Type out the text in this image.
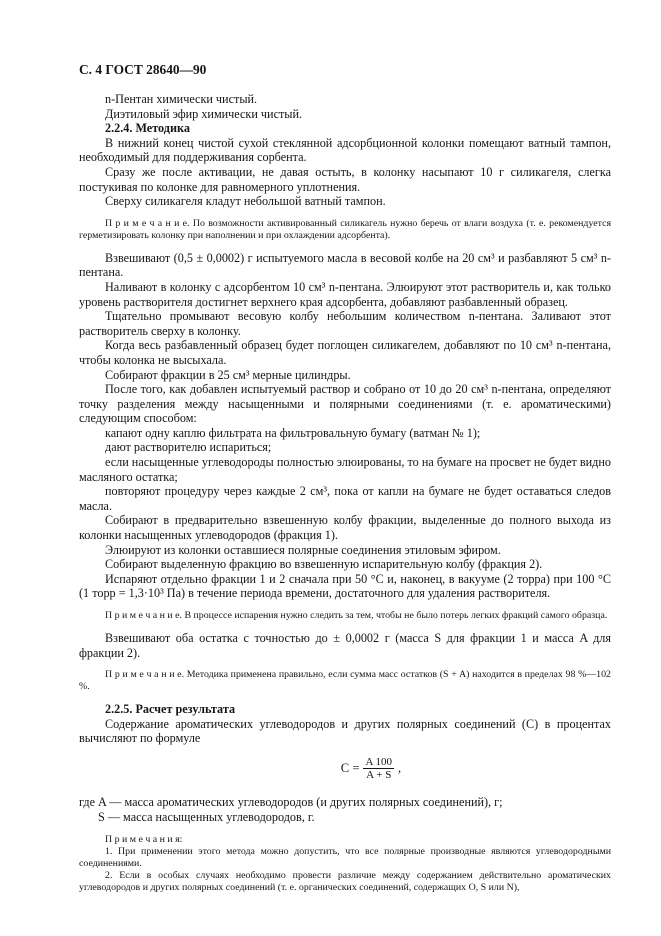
С. 4 ГОСТ 28640—90

n-Пентан химически чистый.

Диэтиловый эфир химически чистый.

2.2.4. Методика

В нижний конец чистой сухой стеклянной адсорбционной колонки помещают ватный тампон, необходимый для поддерживания сорбента.

Сразу же после активации, не давая остыть, в колонку насыпают 10 г силикагеля, слегка постукивая по колонке для равномерного уплотнения.

Сверху силикагеля кладут небольшой ватный тампон.

П р и м е ч а н и е. По возможности активированный силикагель нужно беречь от влаги воздуха (т. е. рекомендуется герметизировать колонку при наполнении и при охлаждении адсорбента).

Взвешивают (0,5 ± 0,0002) г испытуемого масла в весовой колбе на 20 см³ и разбавляют 5 см³ n-пентана.

Наливают в колонку с адсорбентом 10 см³ n-пентана. Элюируют этот растворитель и, как только уровень растворителя достигнет верхнего края адсорбента, добавляют разбавленный образец.

Тщательно промывают весовую колбу небольшим количеством n-пентана. Заливают этот растворитель сверху в колонку.

Когда весь разбавленный образец будет поглощен силикагелем, добавляют по 10 см³ n-пентана, чтобы колонка не высыхала.

Собирают фракции в 25 см³ мерные цилиндры.

После того, как добавлен испытуемый раствор и собрано от 10 до 20 см³ n-пентана, определяют точку разделения между насыщенными и полярными соединениями (т. е. ароматическими) следующим способом:

капают одну каплю фильтрата на фильтровальную бумагу (ватман № 1);

дают растворителю испариться;

если насыщенные углеводороды полностью элюированы, то на бумаге на просвет не будет видно масляного остатка;

повторяют процедуру через каждые 2 см³, пока от капли на бумаге не будет оставаться следов масла.

Собирают в предварительно взвешенную колбу фракции, выделенные до полного выхода из колонки насыщенных углеводородов (фракция 1).

Элюируют из колонки оставшиеся полярные соединения этиловым эфиром.

Собирают выделенную фракцию во взвешенную испарительную колбу (фракция 2).

Испаряют отдельно фракции 1 и 2 сначала при 50 °С и, наконец, в вакууме (2 торра) при 100 °С (1 торр = 1,3·10³ Па) в течение периода времени, достаточного для удаления растворителя.

П р и м е ч а н и е. В процессе испарения нужно следить за тем, чтобы не было потерь легких фракций самого образца.

Взвешивают оба остатка с точностью до ± 0,0002 г (масса S для фракции 1 и масса A для фракции 2).

П р и м е ч а н и е. Методика применена правильно, если сумма масс остатков (S + A) находится в пределах 98 %—102 %.

2.2.5. Расчет результата

Содержание ароматических углеводородов и других полярных соединений (С) в процентах вычисляют по формуле

$С = \frac{A 100}{A + S}$ ,

где A — масса ароматических углеводородов (и других полярных соединений), г;

S — масса насыщенных углеводородов, г.

П р и м е ч а н и я:

1. При применении этого метода можно допустить, что все полярные производные являются углеводородными соединениями.

2. Если в особых случаях необходимо провести различие между содержанием действительно ароматических углеводородов и других полярных соединений (т. е. органических соединений, содержащих O, S или N),
